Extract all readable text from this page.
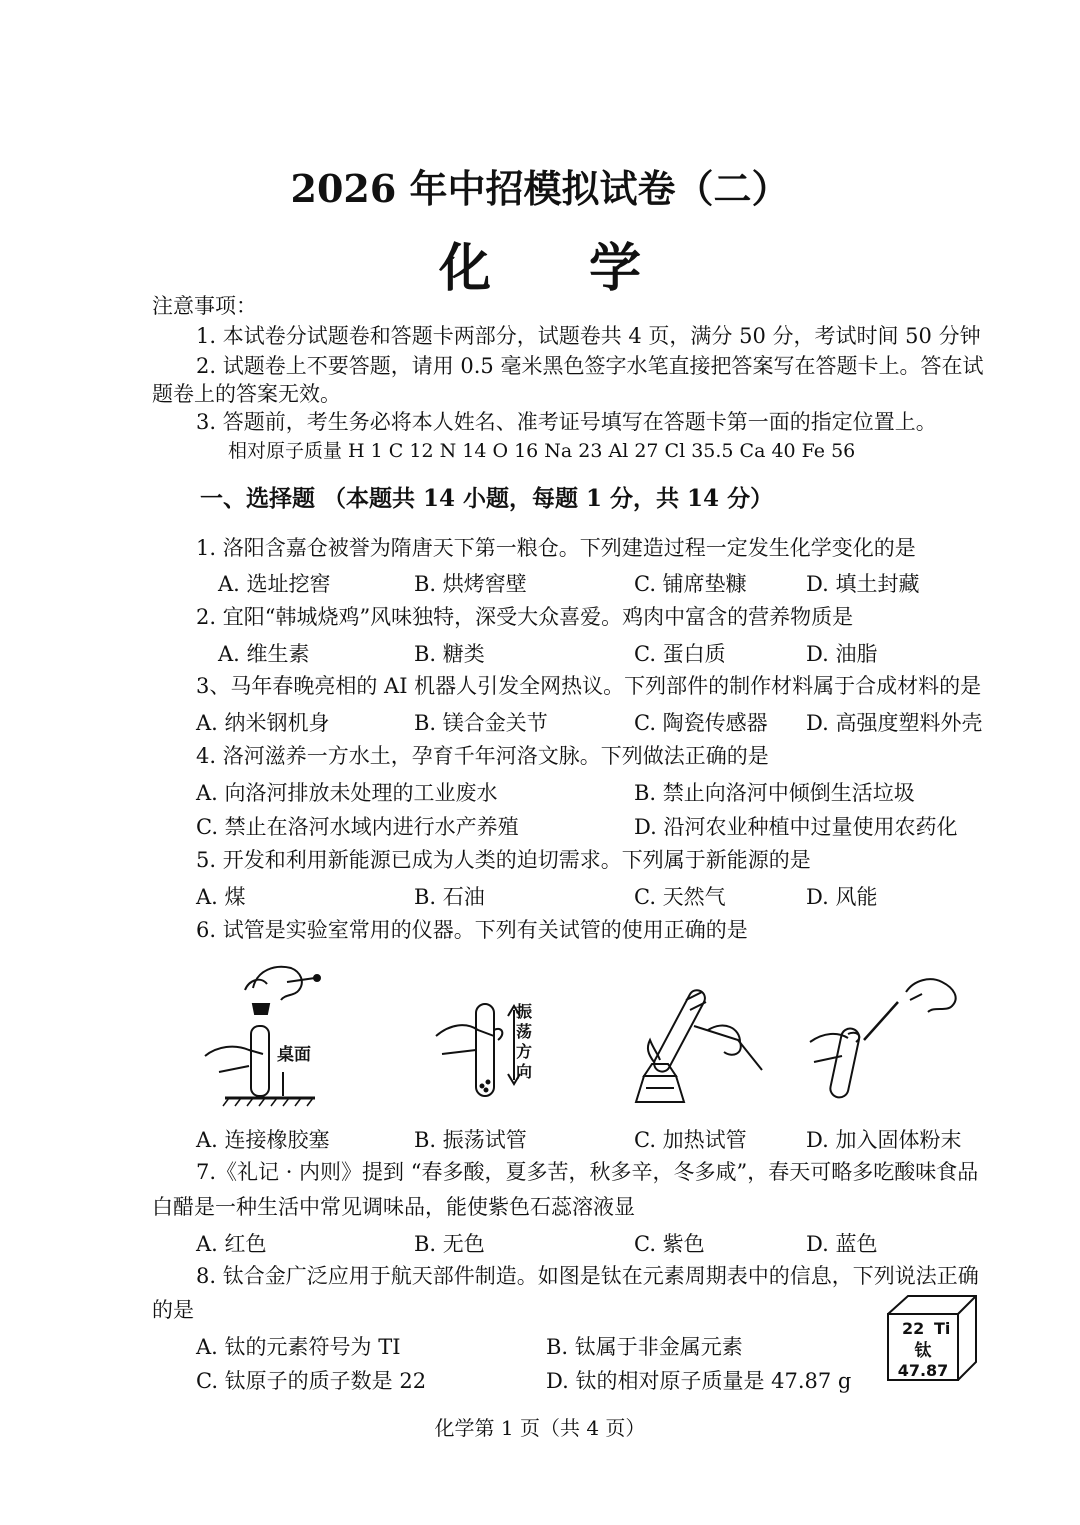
2026 年中招模拟试卷（二）
化 学
注意事项：
1. 本试卷分试题卷和答题卡两部分，试题卷共 4 页，满分 50 分，考试时间 50 分钟
2. 试题卷上不要答题，请用 0.5 毫米黑色签字水笔直接把答案写在答题卡上。答在试
题卷上的答案无效。
3. 答题前，考生务必将本人姓名、准考证号填写在答题卡第一面的指定位置上。
相对原子质量 H 1 C 12 N 14 O 16 Na 23 Al 27 Cl 35.5 Ca 40 Fe 56
一、选择题 （本题共 14 小题，每题 1 分，共 14 分）
1. 洛阳含嘉仓被誉为隋唐天下第一粮仓。下列建造过程一定发生化学变化的是
A. 选址挖窖	B. 烘烤窖壁	C. 铺席垫糠	D. 填土封藏
2. 宜阳“韩城烧鸡”风味独特，深受大众喜爱。鸡肉中富含的营养物质是
A. 维生素	B. 糖类	C. 蛋白质	D. 油脂
3、马年春晚亮相的 AI 机器人引发全网热议。下列部件的制作材料属于合成材料的是
A. 纳米钢机身	B. 镁合金关节	C. 陶瓷传感器 D. 高强度塑料外壳
4. 洛河滋养一方水土，孕育千年河洛文脉。下列做法正确的是
A. 向洛河排放未处理的工业废水	B. 禁止向洛河中倾倒生活垃圾
C. 禁止在洛河水域内进行水产养殖	D. 沿河农业种植中过量使用农药化
5. 开发和利用新能源已成为人类的迫切需求。下列属于新能源的是
A. 煤	B. 石油	C. 天然气	D. 风能
6. 试管是实验室常用的仪器。下列有关试管的使用正确的是
桌面
振
荡
方
向
A. 连接橡胶塞	B. 振荡试管	C. 加热试管	D. 加入固体粉末
7.《礼记 · 内则》提到 “春多酸，夏多苦，秋多辛，冬多咸”，春天可略多吃酸味食品
白醋是一种生活中常见调味品，能使紫色石蕊溶液显
A. 红色	B. 无色	C. 紫色	D. 蓝色
8. 钛合金广泛应用于航天部件制造。如图是钛在元素周期表中的信息，下列说法正确
的是
A. 钛的元素符号为 TI	B. 钛属于非金属元素
C. 钛原子的质子数是 22	D. 钛的相对原子质量是 47.87 g
22 Ti
钛
47.87
化学第 1 页（共 4 页）
